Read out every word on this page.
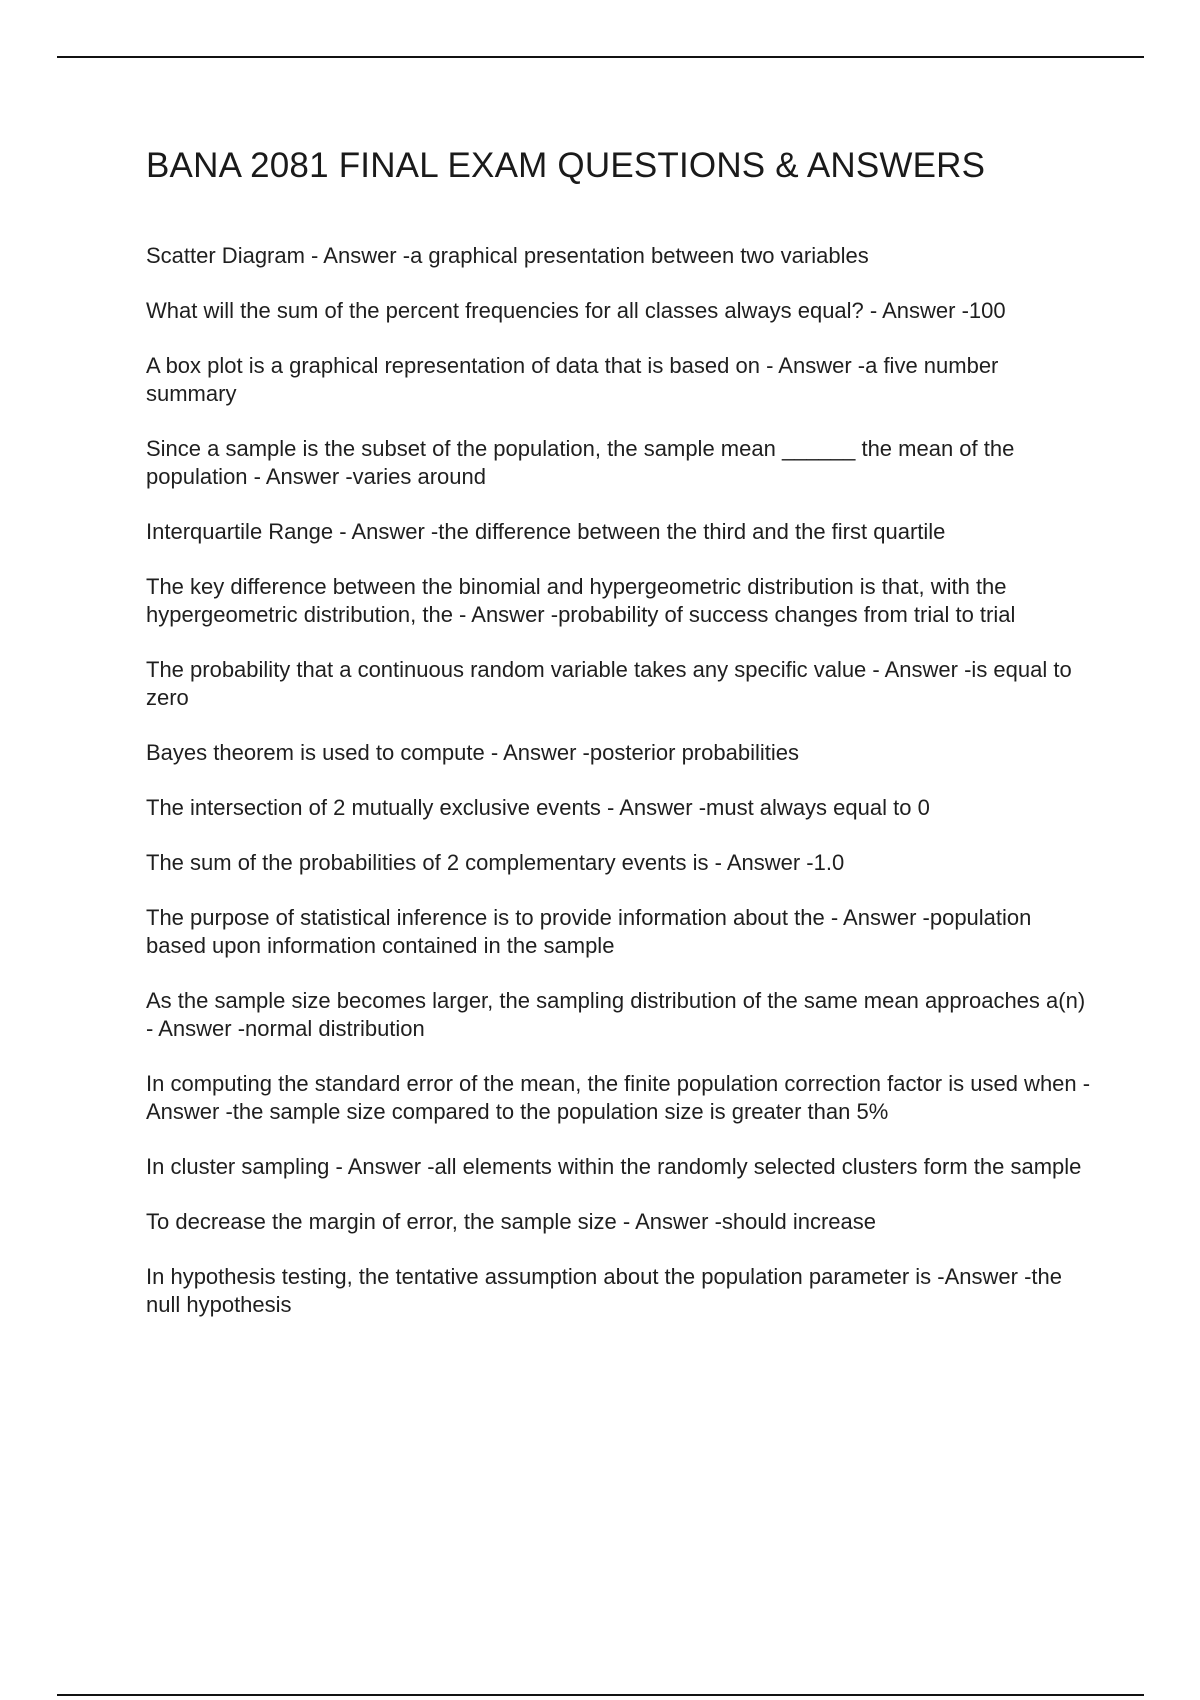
BANA 2081 FINAL EXAM QUESTIONS & ANSWERS
Scatter Diagram - Answer -a graphical presentation between two variables
What will the sum of the percent frequencies for all classes always equal? - Answer -100
A box plot is a graphical representation of data that is based on - Answer -a five number summary
Since a sample is the subset of the population, the sample mean ______ the mean of the population - Answer -varies around
Interquartile Range - Answer -the difference between the third and the first quartile
The key difference between the binomial and hypergeometric distribution is that, with the hypergeometric distribution, the - Answer -probability of success changes from trial to trial
The probability that a continuous random variable takes any specific value - Answer -is equal to zero
Bayes theorem is used to compute - Answer -posterior probabilities
The intersection of 2 mutually exclusive events - Answer -must always equal to 0
The sum of the probabilities of 2 complementary events is - Answer -1.0
The purpose of statistical inference is to provide information about the - Answer -population based upon information contained in the sample
As the sample size becomes larger, the sampling distribution of the same mean approaches a(n) - Answer -normal distribution
In computing the standard error of the mean, the finite population correction factor is used when - Answer -the sample size compared to the population size is greater than 5%
In cluster sampling - Answer -all elements within the randomly selected clusters form the sample
To decrease the margin of error, the sample size - Answer -should increase
In hypothesis testing, the tentative assumption about the population parameter is -Answer -the null hypothesis
